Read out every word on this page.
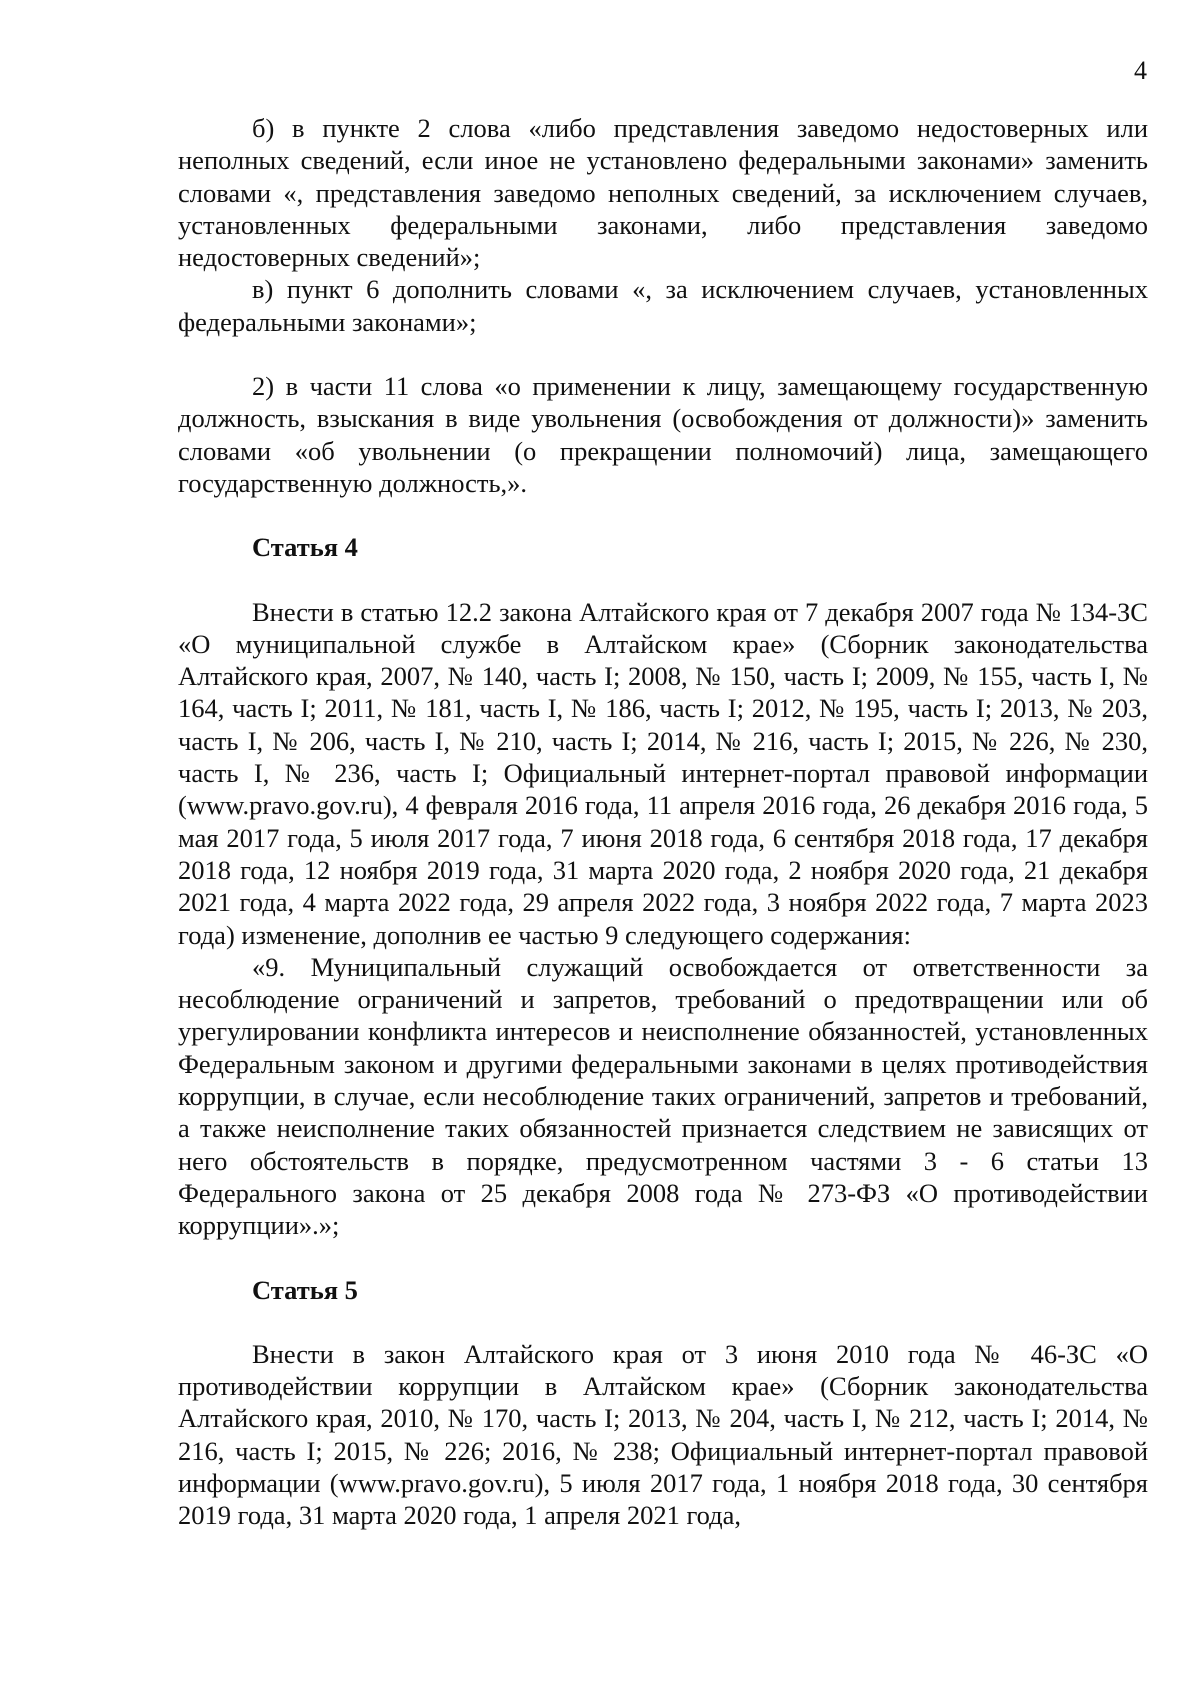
4

б) в пункте 2 слова «либо представления заведомо недостоверных или неполных сведений, если иное не установлено федеральными законами» заменить словами «, представления заведомо неполных сведений, за исключением случаев, установленных федеральными законами, либо представления заведомо недостоверных сведений»;

в) пункт 6 дополнить словами «, за исключением случаев, установленных федеральными законами»;

2) в части 11 слова «о применении к лицу, замещающему государственную должность, взыскания в виде увольнения (освобождения от должности)» заменить словами «об увольнении (о прекращении полномочий) лица, замещающего государственную должность,».

Статья 4

Внести в статью 12.2 закона Алтайского края от 7 декабря 2007 года № 134-ЗС «О муниципальной службе в Алтайском крае» (Сборник законодательства Алтайского края, 2007, № 140, часть I; 2008, № 150, часть I; 2009, № 155, часть I, № 164, часть I; 2011, № 181, часть I, № 186, часть I; 2012, № 195, часть I; 2013, № 203, часть I, № 206, часть I, № 210, часть I; 2014, № 216, часть I; 2015, № 226, № 230, часть I, № 236, часть I; Официальный интернет-портал правовой информации (www.pravo.gov.ru), 4 февраля 2016 года, 11 апреля 2016 года, 26 декабря 2016 года, 5 мая 2017 года, 5 июля 2017 года, 7 июня 2018 года, 6 сентября 2018 года, 17 декабря 2018 года, 12 ноября 2019 года, 31 марта 2020 года, 2 ноября 2020 года, 21 декабря 2021 года, 4 марта 2022 года, 29 апреля 2022 года, 3 ноября 2022 года, 7 марта 2023 года) изменение, дополнив ее частью 9 следующего содержания:

«9. Муниципальный служащий освобождается от ответственности за несоблюдение ограничений и запретов, требований о предотвращении или об урегулировании конфликта интересов и неисполнение обязанностей, установленных Федеральным законом и другими федеральными законами в целях противодействия коррупции, в случае, если несоблюдение таких ограничений, запретов и требований, а также неисполнение таких обязанностей признается следствием не зависящих от него обстоятельств в порядке, предусмотренном частями 3 - 6 статьи 13 Федерального закона от 25 декабря 2008 года № 273-ФЗ «О противодействии коррупции».»;

Статья 5

Внести в закон Алтайского края от 3 июня 2010 года № 46-ЗС «О противодействии коррупции в Алтайском крае» (Сборник законодательства Алтайского края, 2010, № 170, часть I; 2013, № 204, часть I, № 212, часть I; 2014, № 216, часть I; 2015, № 226; 2016, № 238; Официальный интернет-портал правовой информации (www.pravo.gov.ru), 5 июля 2017 года, 1 ноября 2018 года, 30 сентября 2019 года, 31 марта 2020 года, 1 апреля 2021 года,
